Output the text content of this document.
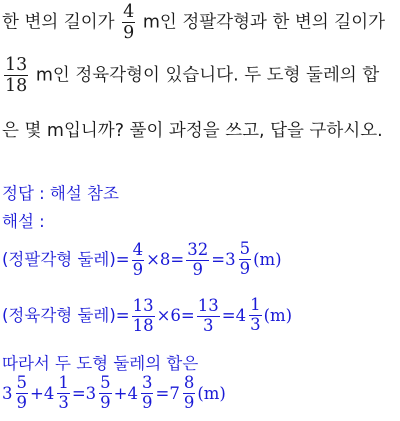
한 변의 길이가 $\frac{4}{9}$ m인 정팔각형과 한 변의 길이가
$\frac{13}{18}$ m인 정육각형이 있습니다. 두 도형 둘레의 합
은 몇 m입니까? 풀이 과정을 쓰고, 답을 구하시오.
정답 : 해설 참조
해설 :
(정팔각형 둘레)= $\frac{4}{9} \times 8= \frac{32}{9} = 3 \frac{5}{9} (m)$
(정육각형 둘레)= $\frac{13}{18} \times 6= \frac{13}{3} = 4 \frac{1}{3} (m)$
따라서 두 도형 둘레의 합은
$3 \frac{5}{9} + 4 \frac{1}{3} = 3 \frac{5}{9} + 4 \frac{3}{9} = 7 \frac{8}{9} (m)$
